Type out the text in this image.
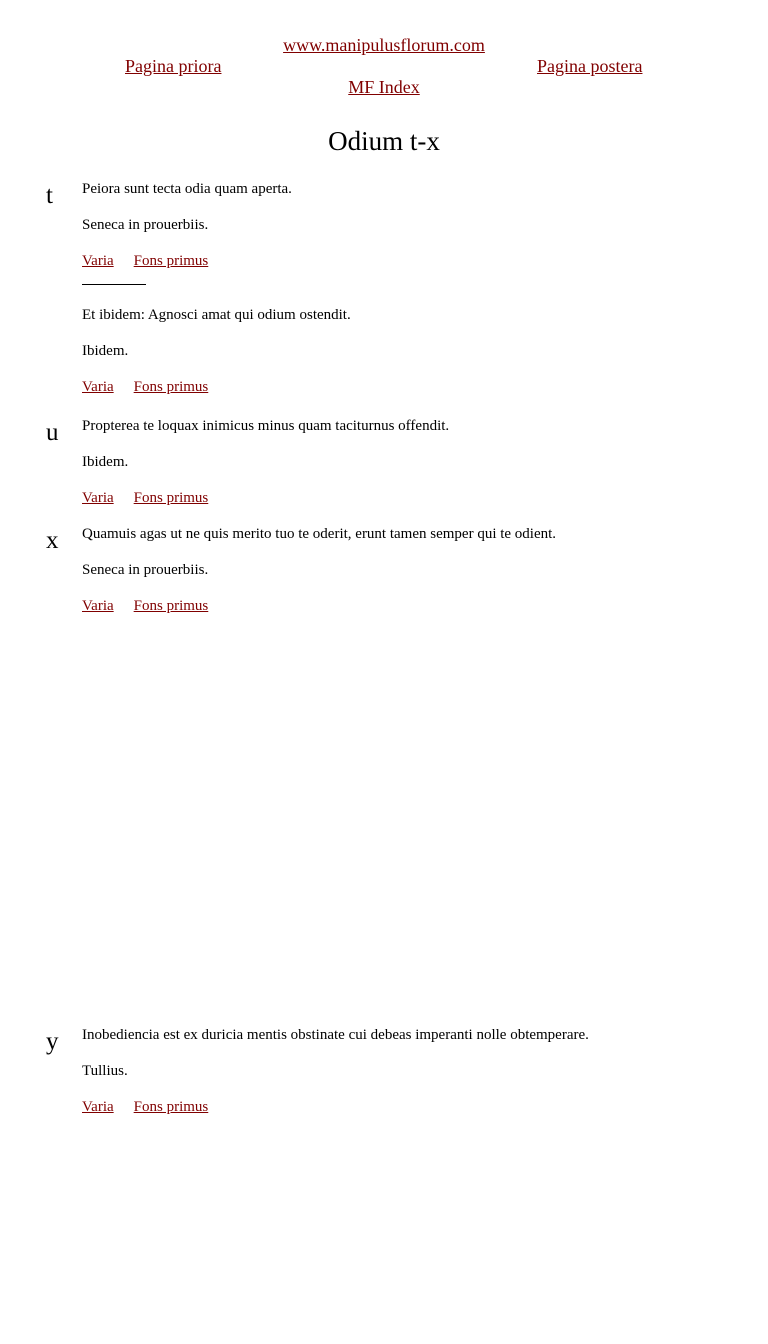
www.manipulusflorum.com
Pagina priora	Pagina postera
MF Index
Odium t-x
t	Peiora sunt tecta odia quam aperta.
Seneca in prouerbiis.
Varia Fons primus
Et ibidem: Agnosci amat qui odium ostendit.
Ibidem.
Varia Fons primus
u	Propterea te loquax inimicus minus quam taciturnus offendit.
Ibidem.
Varia Fons primus
x	Quamuis agas ut ne quis merito tuo te oderit, erunt tamen semper qui te odient.
Seneca in prouerbiis.
Varia Fons primus
y	Inobediencia est ex duricia mentis obstinate cui debeas imperanti nolle obtemperare.
Tullius.
Varia Fons primus
